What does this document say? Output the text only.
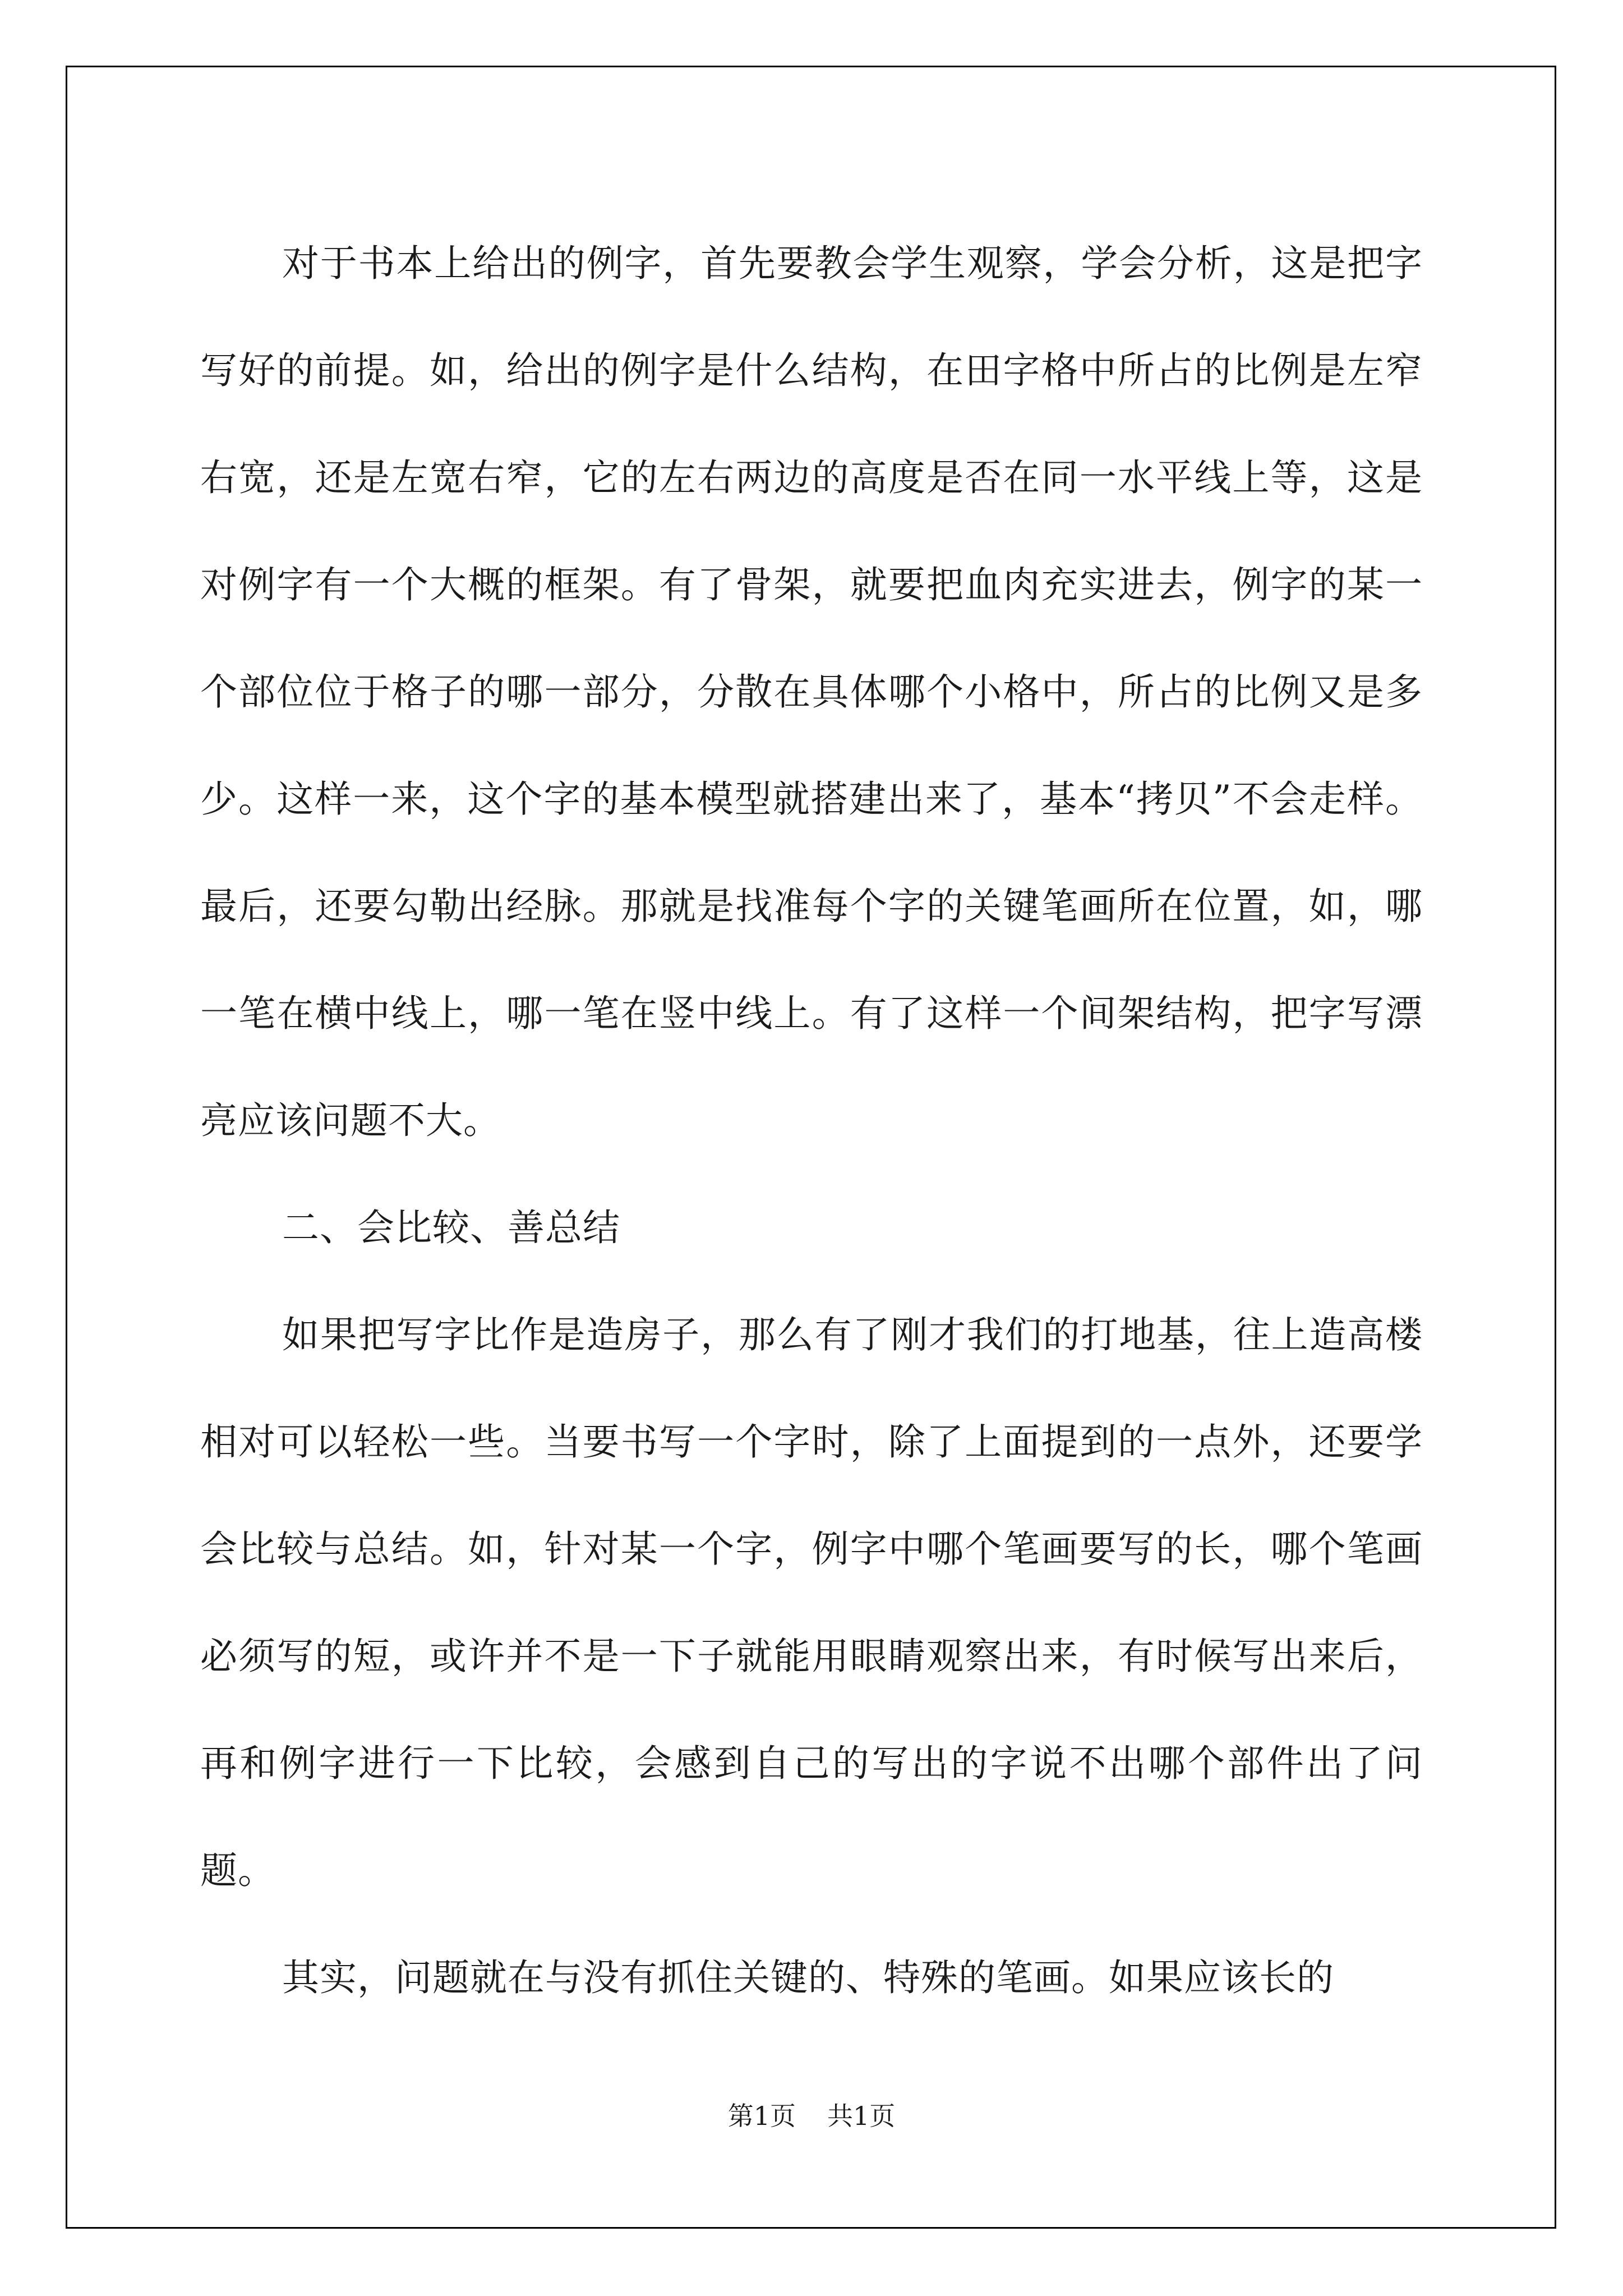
对于书本上给出的例字，首先要教会学生观察，学会分析，这是把字写好的前提。如，给出的例字是什么结构，在田字格中所占的比例是左窄右宽，还是左宽右窄，它的左右两边的高度是否在同一水平线上等，这是对例字有一个大概的框架。有了骨架，就要把血肉充实进去，例字的某一个部位位于格子的哪一部分，分散在具体哪个小格中，所占的比例又是多少。这样一来，这个字的基本模型就搭建出来了，基本“拷贝”不会走样。最后，还要勾勒出经脉。那就是找准每个字的关键笔画所在位置，如，哪一笔在横中线上，哪一笔在竖中线上。有了这样一个间架结构，把字写漂亮应该问题不大。

二、会比较、善总结

如果把写字比作是造房子，那么有了刚才我们的打地基，往上造高楼相对可以轻松一些。当要书写一个字时，除了上面提到的一点外，还要学会比较与总结。如，针对某一个字，例字中哪个笔画要写的长，哪个笔画必须写的短，或许并不是一下子就能用眼睛观察出来，有时候写出来后，再和例字进行一下比较，会感到自己的写出的字说不出哪个部件出了问题。

其实，问题就在与没有抓住关键的、特殊的笔画。如果应该长的

第1页 共1页
